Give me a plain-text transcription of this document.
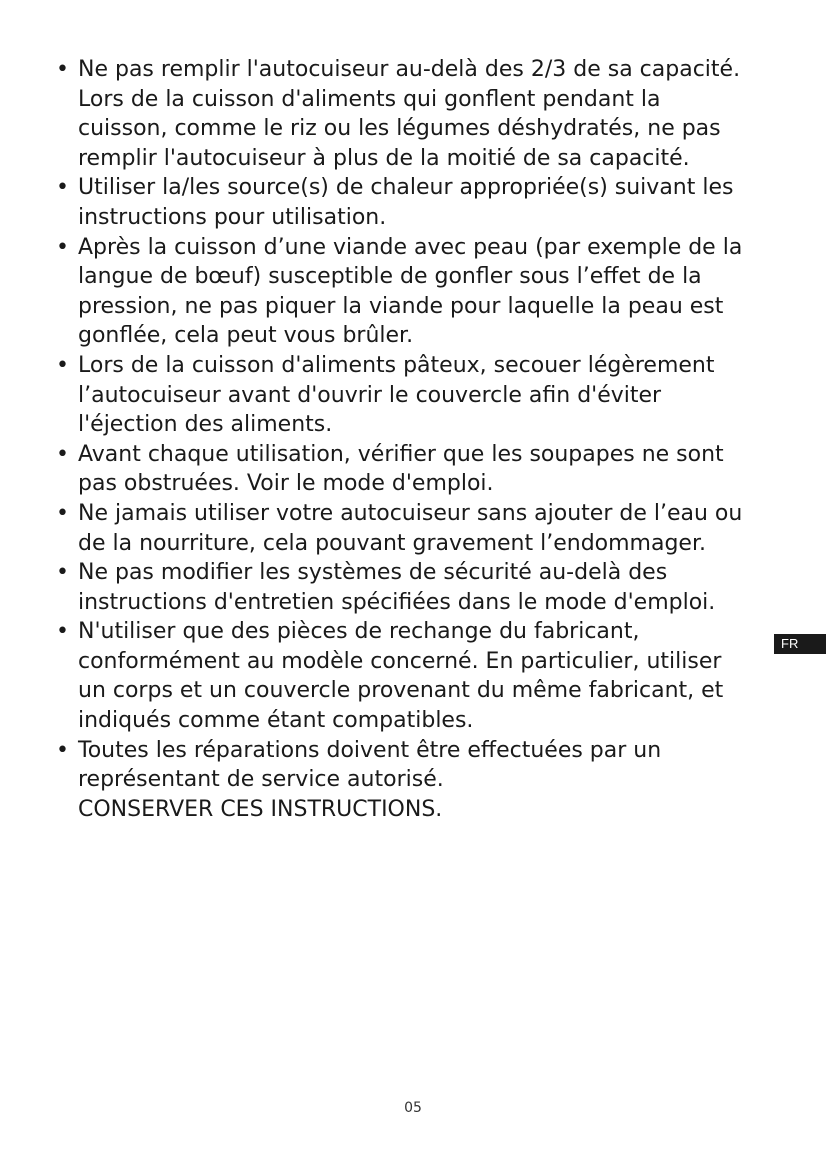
• Ne pas remplir l'autocuiseur au-delà des 2/3 de sa capacité. Lors de la cuisson d'aliments qui gonflent pendant la cuisson, comme le riz ou les légumes déshydratés, ne pas remplir l'autocuiseur à plus de la moitié de sa capacité.
• Utiliser la/les source(s) de chaleur appropriée(s) suivant les instructions pour utilisation.
• Après la cuisson d’une viande avec peau (par exemple de la langue de bœuf) susceptible de gonfler sous l’effet de la pression, ne pas piquer la viande pour laquelle la peau est gonflée, cela peut vous brûler.
• Lors de la cuisson d'aliments pâteux, secouer légèrement l’autocuiseur avant d'ouvrir le couvercle afin d'éviter l'éjection des aliments.
• Avant chaque utilisation, vérifier que les soupapes ne sont pas obstruées. Voir le mode d'emploi.
• Ne jamais utiliser votre autocuiseur sans ajouter de l’eau ou de la nourriture, cela pouvant gravement l’endommager.
• Ne pas modifier les systèmes de sécurité au-delà des instructions d'entretien spécifiées dans le mode d'emploi.
• N'utiliser que des pièces de rechange du fabricant, conformément au modèle concerné. En particulier, utiliser un corps et un couvercle provenant du même fabricant, et indiqués comme étant compatibles.
• Toutes les réparations doivent être effectuées par un représentant de service autorisé.
CONSERVER CES INSTRUCTIONS.
FR
05
